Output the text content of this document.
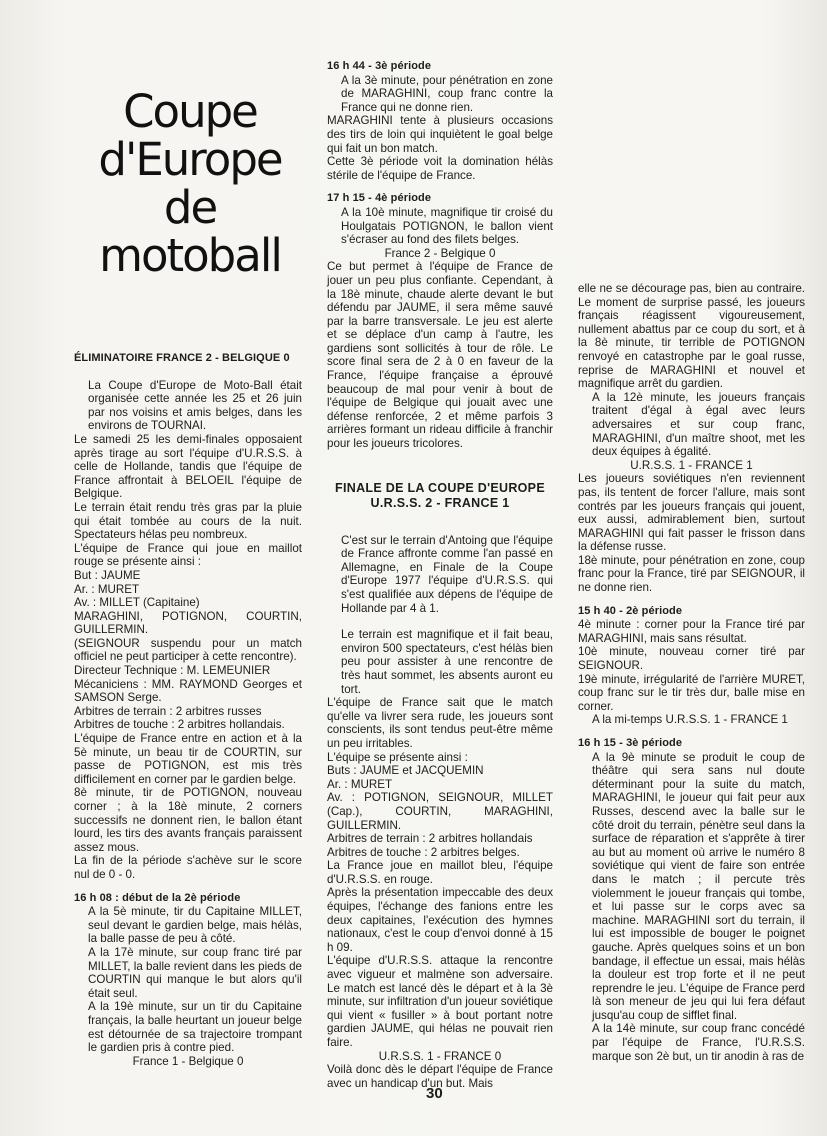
Coupe
d'Europe
de
motoball

ÉLIMINATOIRE FRANCE 2 - BELGIQUE 0

La Coupe d'Europe de Moto-Ball était organisée cette année les 25 et 26 juin par nos voisins et amis belges, dans les environs de TOURNAI.

Le samedi 25 les demi-finales opposaient après tirage au sort l'équipe d'U.R.S.S. à celle de Hollande, tandis que l'équipe de France affrontait à BELOEIL l'équipe de Belgique.

Le terrain était rendu très gras par la pluie qui était tombée au cours de la nuit. Spectateurs hélas peu nombreux.

L'équipe de France qui joue en maillot rouge se présente ainsi :

But : JAUME

Ar. : MURET

Av. : MILLET (Capitaine)

MARAGHINI, POTIGNON, COURTIN, GUILLERMIN.

(SEIGNOUR suspendu pour un match officiel ne peut participer à cette rencontre).

Directeur Technique : M. LEMEUNIER

Mécaniciens : MM. RAYMOND Georges et SAMSON Serge.

Arbitres de terrain : 2 arbitres russes

Arbitres de touche : 2 arbitres hollandais.

L'équipe de France entre en action et à la 5è minute, un beau tir de COURTIN, sur passe de POTIGNON, est mis très difficilement en corner par le gardien belge.

8è minute, tir de POTIGNON, nouveau corner ; à la 18è minute, 2 corners successifs ne donnent rien, le ballon étant lourd, les tirs des avants français paraissent assez mous.

La fin de la période s'achève sur le score nul de 0 - 0.

16 h 08 : début de la 2è période

A la 5è minute, tir du Capitaine MILLET, seul devant le gardien belge, mais hélàs, la balle passe de peu à côté.

A la 17è minute, sur coup franc tiré par MILLET, la balle revient dans les pieds de COURTIN qui manque le but alors qu'il était seul.

A la 19è minute, sur un tir du Capitaine français, la balle heurtant un joueur belge est détournée de sa trajectoire trompant le gardien pris à contre pied.

France 1 - Belgique 0

16 h 44 - 3è période

A la 3è minute, pour pénétration en zone de MARAGHINI, coup franc contre la France qui ne donne rien.

MARAGHINI tente à plusieurs occasions des tirs de loin qui inquiètent le goal belge qui fait un bon match.

Cette 3è période voit la domination hélàs stérile de l'équipe de France.

17 h 15 - 4è période

A la 10è minute, magnifique tir croisé du Houlgatais POTIGNON, le ballon vient s'écraser au fond des filets belges.

France 2 - Belgique 0

Ce but permet à l'équipe de France de jouer un peu plus confiante. Cependant, à la 18è minute, chaude alerte devant le but défendu par JAUME, il sera même sauvé par la barre transversale. Le jeu est alerte et se déplace d'un camp à l'autre, les gardiens sont sollicités à tour de rôle. Le score final sera de 2 à 0 en faveur de la France, l'équipe française a éprouvé beaucoup de mal pour venir à bout de l'équipe de Belgique qui jouait avec une défense renforcée, 2 et même parfois 3 arrières formant un rideau difficile à franchir pour les joueurs tricolores.

FINALE DE LA COUPE D'EUROPE

U.R.S.S. 2 - FRANCE 1

C'est sur le terrain d'Antoing que l'équipe de France affronte comme l'an passé en Allemagne, en Finale de la Coupe d'Europe 1977 l'équipe d'U.R.S.S. qui s'est qualifiée aux dépens de l'équipe de Hollande par 4 à 1.

Le terrain est magnifique et il fait beau, environ 500 spectateurs, c'est hélàs bien peu pour assister à une rencontre de très haut sommet, les absents auront eu tort.

L'équipe de France sait que le match qu'elle va livrer sera rude, les joueurs sont conscients, ils sont tendus peut-être même un peu irritables.

L'équipe se présente ainsi :

Buts : JAUME et JACQUEMIN

Ar. : MURET

Av. : POTIGNON, SEIGNOUR, MILLET (Cap.), COURTIN, MARAGHINI, GUILLERMIN.

Arbitres de terrain : 2 arbitres hollandais

Arbitres de touche : 2 arbitres belges.

La France joue en maillot bleu, l'équipe d'U.R.S.S. en rouge.

Après la présentation impeccable des deux équipes, l'échange des fanions entre les deux capitaines, l'exécution des hymnes nationaux, c'est le coup d'envoi donné à 15 h 09.

L'équipe d'U.R.S.S. attaque la rencontre avec vigueur et malmène son adversaire. Le match est lancé dès le départ et à la 3è minute, sur infiltration d'un joueur soviétique qui vient « fusiller » à bout portant notre gardien JAUME, qui hélas ne pouvait rien faire.

U.R.S.S. 1 - FRANCE 0

Voilà donc dès le départ l'équipe de France avec un handicap d'un but. Mais

elle ne se décourage pas, bien au contraire. Le moment de surprise passé, les joueurs français réagissent vigoureusement, nullement abattus par ce coup du sort, et à la 8è minute, tir terrible de POTIGNON renvoyé en catastrophe par le goal russe, reprise de MARAGHINI et nouvel et magnifique arrêt du gardien.

A la 12è minute, les joueurs français traitent d'égal à égal avec leurs adversaires et sur coup franc, MARAGHINI, d'un maître shoot, met les deux équipes à égalité.

U.R.S.S. 1 - FRANCE 1

Les joueurs soviétiques n'en reviennent pas, ils tentent de forcer l'allure, mais sont contrés par les joueurs français qui jouent, eux aussi, admirablement bien, surtout MARAGHINI qui fait passer le frisson dans la défense russe.

18è minute, pour pénétration en zone, coup franc pour la France, tiré par SEIGNOUR, il ne donne rien.

15 h 40 - 2è période

4è minute : corner pour la France tiré par MARAGHINI, mais sans résultat.

10è minute, nouveau corner tiré par SEIGNOUR.

19è minute, irrégularité de l'arrière MURET, coup franc sur le tir très dur, balle mise en corner.

A la mi-temps U.R.S.S. 1 - FRANCE 1

16 h 15 - 3è période

A la 9è minute se produit le coup de théâtre qui sera sans nul doute déterminant pour la suite du match, MARAGHINI, le joueur qui fait peur aux Russes, descend avec la balle sur le côté droit du terrain, pénètre seul dans la surface de réparation et s'apprête à tirer au but au moment où arrive le numéro 8 soviétique qui vient de faire son entrée dans le match ; il percute très violemment le joueur français qui tombe, et lui passe sur le corps avec sa machine. MARAGHINI sort du terrain, il lui est impossible de bouger le poignet gauche. Après quelques soins et un bon bandage, il effectue un essai, mais hélàs la douleur est trop forte et il ne peut reprendre le jeu. L'équipe de France perd là son meneur de jeu qui lui fera défaut jusqu'au coup de sifflet final.

A la 14è minute, sur coup franc concédé par l'équipe de France, l'U.R.S.S. marque son 2è but, un tir anodin à ras de

30
